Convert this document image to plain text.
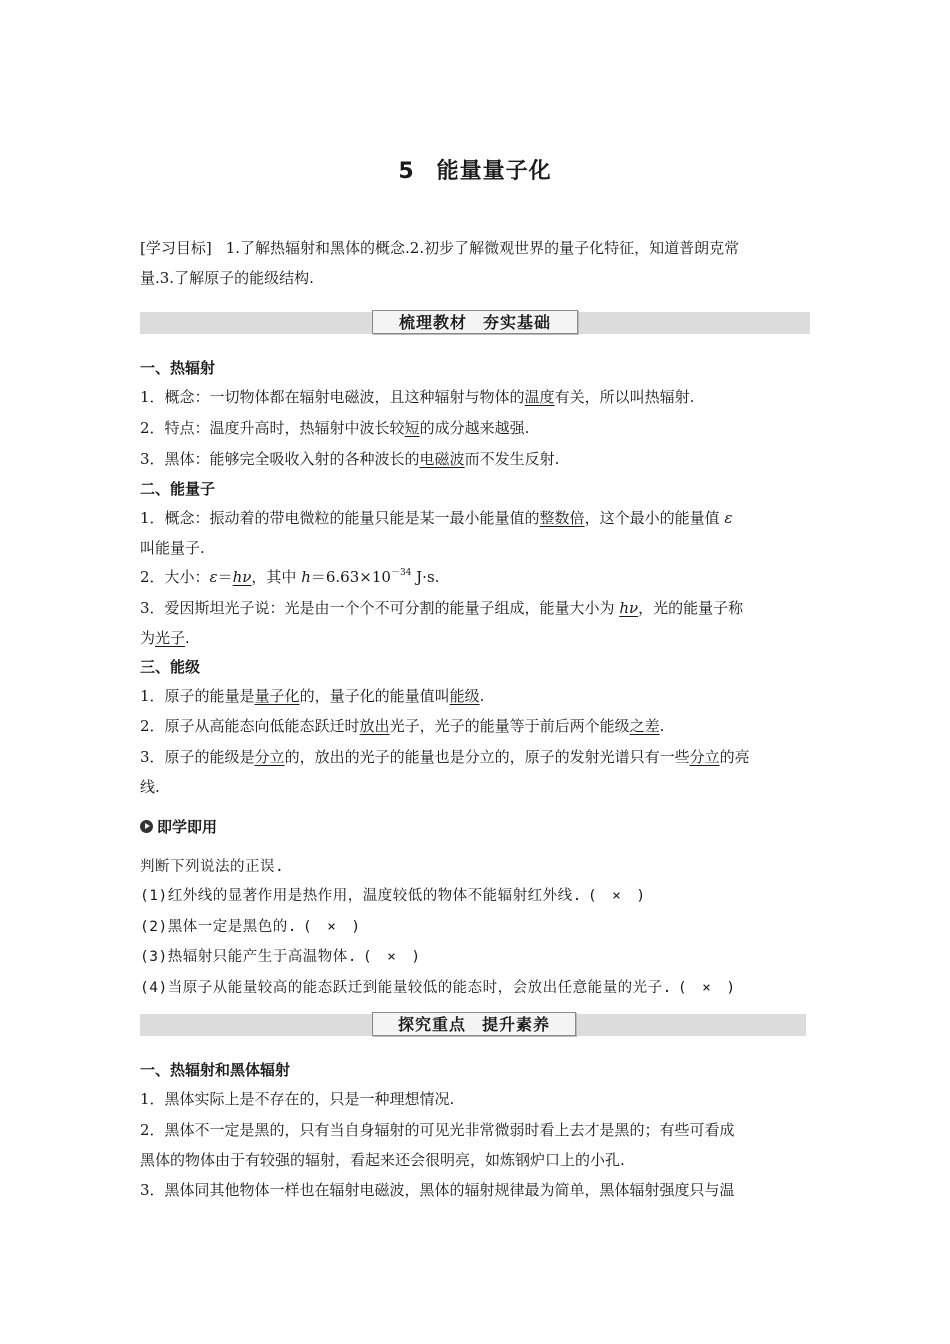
5 能量量子化
[学习目标] 1.了解热辐射和黑体的概念.2.初步了解微观世界的量子化特征，知道普朗克常
量.3.了解原子的能级结构.
梳理教材 夯实基础
一、热辐射
1．概念：一切物体都在辐射电磁波，且这种辐射与物体的温度有关，所以叫热辐射.
2．特点：温度升高时，热辐射中波长较短的成分越来越强.
3．黑体：能够完全吸收入射的各种波长的电磁波而不发生反射.
二、能量子
1．概念：振动着的带电微粒的能量只能是某一最小能量值的整数倍，这个最小的能量值 ε
叫能量子.
2．大小：ε＝hν，其中 $h=6.63\times 10^{-34}$ J·s.
3．爱因斯坦光子说：光是由一个个不可分割的能量子组成，能量大小为 hν，光的能量子称
为光子.
三、能级
1．原子的能量是量子化的，量子化的能量值叫能级.
2．原子从高能态向低能态跃迁时放出光子，光子的能量等于前后两个能级之差.
3．原子的能级是分立的，放出的光子的能量也是分立的，原子的发射光谱只有一些分立的亮
线.
即学即用
判断下列说法的正误.
(1)红外线的显著作用是热作用，温度较低的物体不能辐射红外线. (　×　)
(2)黑体一定是黑色的. (　×　)
(3)热辐射只能产生于高温物体. (　×　)
(4)当原子从能量较高的能态跃迁到能量较低的能态时，会放出任意能量的光子. (　×　)
探究重点 提升素养
一、热辐射和黑体辐射
1．黑体实际上是不存在的，只是一种理想情况.
2．黑体不一定是黑的，只有当自身辐射的可见光非常微弱时看上去才是黑的；有些可看成
黑体的物体由于有较强的辐射，看起来还会很明亮，如炼钢炉口上的小孔.
3．黑体同其他物体一样也在辐射电磁波，黑体的辐射规律最为简单，黑体辐射强度只与温
